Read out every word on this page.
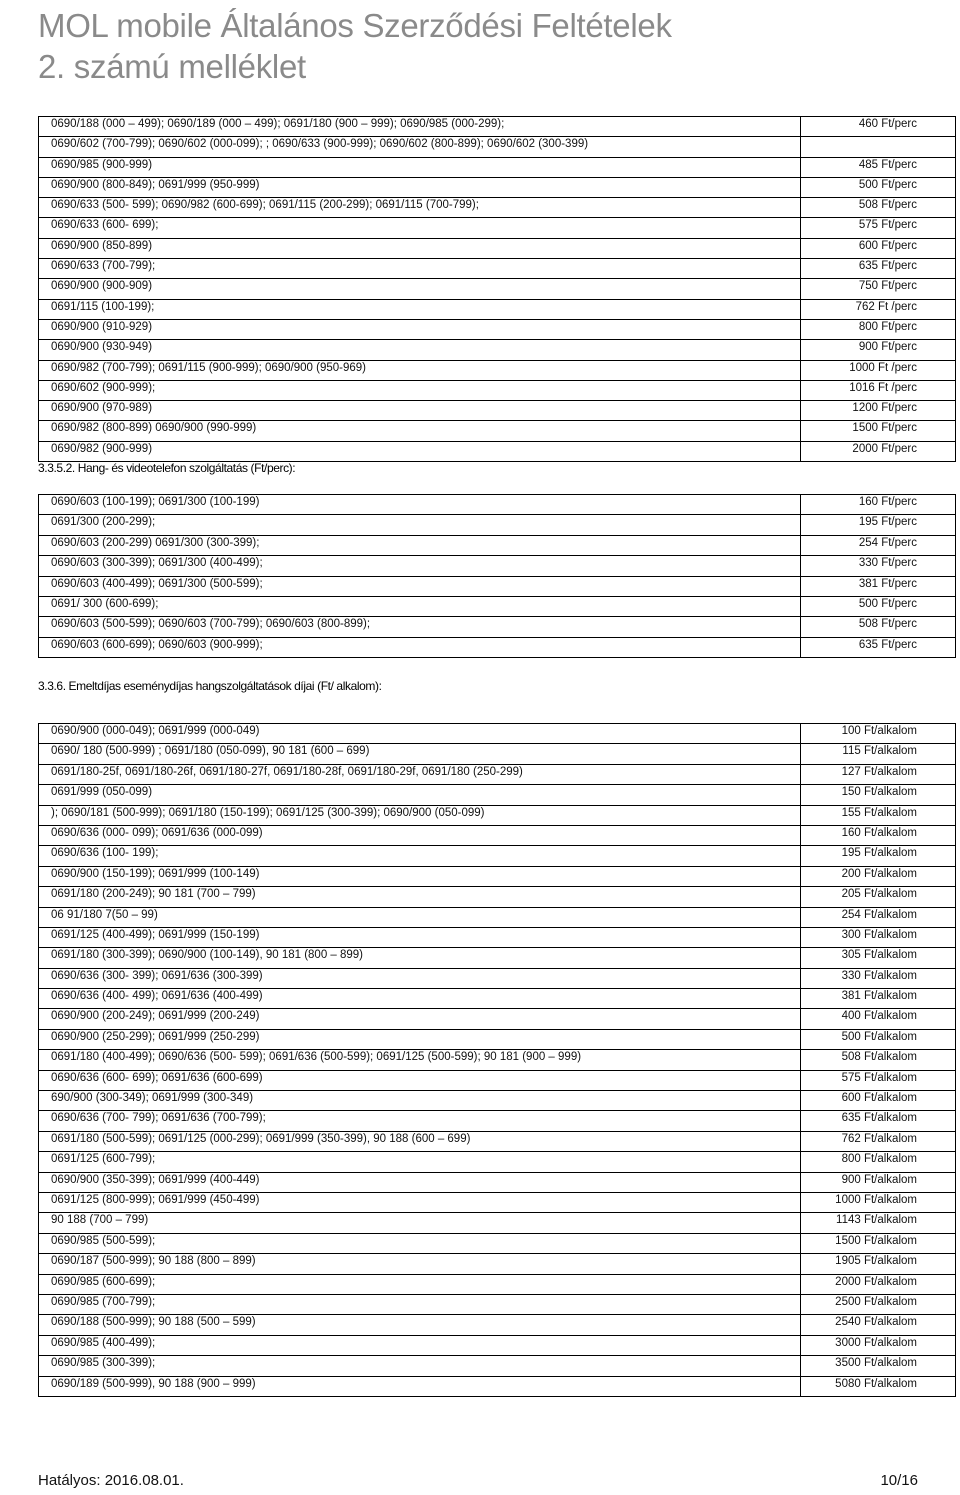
MOL mobile Általános Szerződési Feltételek
2. számú melléklet
0690/188 (000 – 499); 0690/189 (000 – 499); 0691/180 (900 – 999); 0690/985 (000-299);	460 Ft/perc
0690/602 (700-799); 0690/602 (000-099); ; 0690/633 (900-999); 0690/602 (800-899); 0690/602 (300-399)	
0690/985 (900-999)	485 Ft/perc
0690/900 (800-849); 0691/999 (950-999)	500 Ft/perc
0690/633 (500- 599); 0690/982 (600-699); 0691/115 (200-299); 0691/115 (700-799);	508 Ft/perc
0690/633 (600- 699);	575 Ft/perc
0690/900 (850-899)	600 Ft/perc
0690/633 (700-799);	635 Ft/perc
0690/900 (900-909)	750 Ft/perc
0691/115 (100-199);	762 Ft /perc
0690/900 (910-929)	800 Ft/perc
0690/900 (930-949)	900 Ft/perc
0690/982 (700-799); 0691/115 (900-999); 0690/900 (950-969)	1000 Ft /perc
0690/602 (900-999);	1016 Ft /perc
0690/900 (970-989)	1200 Ft/perc
0690/982 (800-899) 0690/900 (990-999)	1500 Ft/perc
0690/982 (900-999)	2000 Ft/perc
3.3.5.2. Hang- és videotelefon szolgáltatás (Ft/perc):
0690/603 (100-199); 0691/300 (100-199)	160 Ft/perc
0691/300 (200-299);	195 Ft/perc
0690/603 (200-299) 0691/300 (300-399);	254 Ft/perc
0690/603 (300-399); 0691/300 (400-499);	330 Ft/perc
0690/603 (400-499); 0691/300 (500-599);	381 Ft/perc
0691/ 300 (600-699);	500 Ft/perc
0690/603 (500-599); 0690/603 (700-799); 0690/603 (800-899);	508 Ft/perc
0690/603 (600-699); 0690/603 (900-999);	635 Ft/perc
3.3.6. Emeltdíjas eseménydíjas hangszolgáltatások díjai (Ft/ alkalom):
0690/900 (000-049); 0691/999 (000-049)	100 Ft/alkalom
0690/ 180 (500-999) ; 0691/180 (050-099), 90 181 (600 – 699)	115 Ft/alkalom
0691/180-25f, 0691/180-26f, 0691/180-27f, 0691/180-28f, 0691/180-29f, 0691/180 (250-299)	127 Ft/alkalom
0691/999 (050-099)	150 Ft/alkalom
); 0690/181 (500-999); 0691/180 (150-199); 0691/125 (300-399); 0690/900 (050-099)	155 Ft/alkalom
0690/636 (000- 099); 0691/636 (000-099)	160 Ft/alkalom
0690/636 (100- 199);	195 Ft/alkalom
0690/900 (150-199); 0691/999 (100-149)	200 Ft/alkalom
0691/180 (200-249); 90 181 (700 – 799)	205 Ft/alkalom
06 91/180 7(50 – 99)	254 Ft/alkalom
0691/125 (400-499); 0691/999 (150-199)	300 Ft/alkalom
0691/180 (300-399); 0690/900 (100-149), 90 181 (800 – 899)	305 Ft/alkalom
0690/636 (300- 399); 0691/636 (300-399)	330 Ft/alkalom
0690/636 (400- 499); 0691/636 (400-499)	381 Ft/alkalom
0690/900 (200-249); 0691/999 (200-249)	400 Ft/alkalom
0690/900 (250-299); 0691/999 (250-299)	500 Ft/alkalom
0691/180 (400-499); 0690/636 (500- 599); 0691/636 (500-599); 0691/125 (500-599); 90 181 (900 – 999)	508 Ft/alkalom
0690/636 (600- 699); 0691/636 (600-699)	575 Ft/alkalom
690/900 (300-349); 0691/999 (300-349)	600 Ft/alkalom
0690/636 (700- 799); 0691/636 (700-799);	635 Ft/alkalom
0691/180 (500-599); 0691/125 (000-299); 0691/999 (350-399), 90 188 (600 – 699)	762 Ft/alkalom
0691/125 (600-799);	800 Ft/alkalom
0690/900 (350-399); 0691/999 (400-449)	900 Ft/alkalom
0691/125 (800-999); 0691/999 (450-499)	1000 Ft/alkalom
90 188 (700 – 799)	1143 Ft/alkalom
0690/985 (500-599);	1500 Ft/alkalom
0690/187 (500-999); 90 188 (800 – 899)	1905 Ft/alkalom
0690/985 (600-699);	2000 Ft/alkalom
0690/985 (700-799);	2500 Ft/alkalom
0690/188 (500-999); 90 188 (500 – 599)	2540 Ft/alkalom
0690/985 (400-499);	3000 Ft/alkalom
0690/985 (300-399);	3500 Ft/alkalom
0690/189 (500-999), 90 188 (900 – 999)	5080 Ft/alkalom
Hatályos: 2016.08.01.	10/16
